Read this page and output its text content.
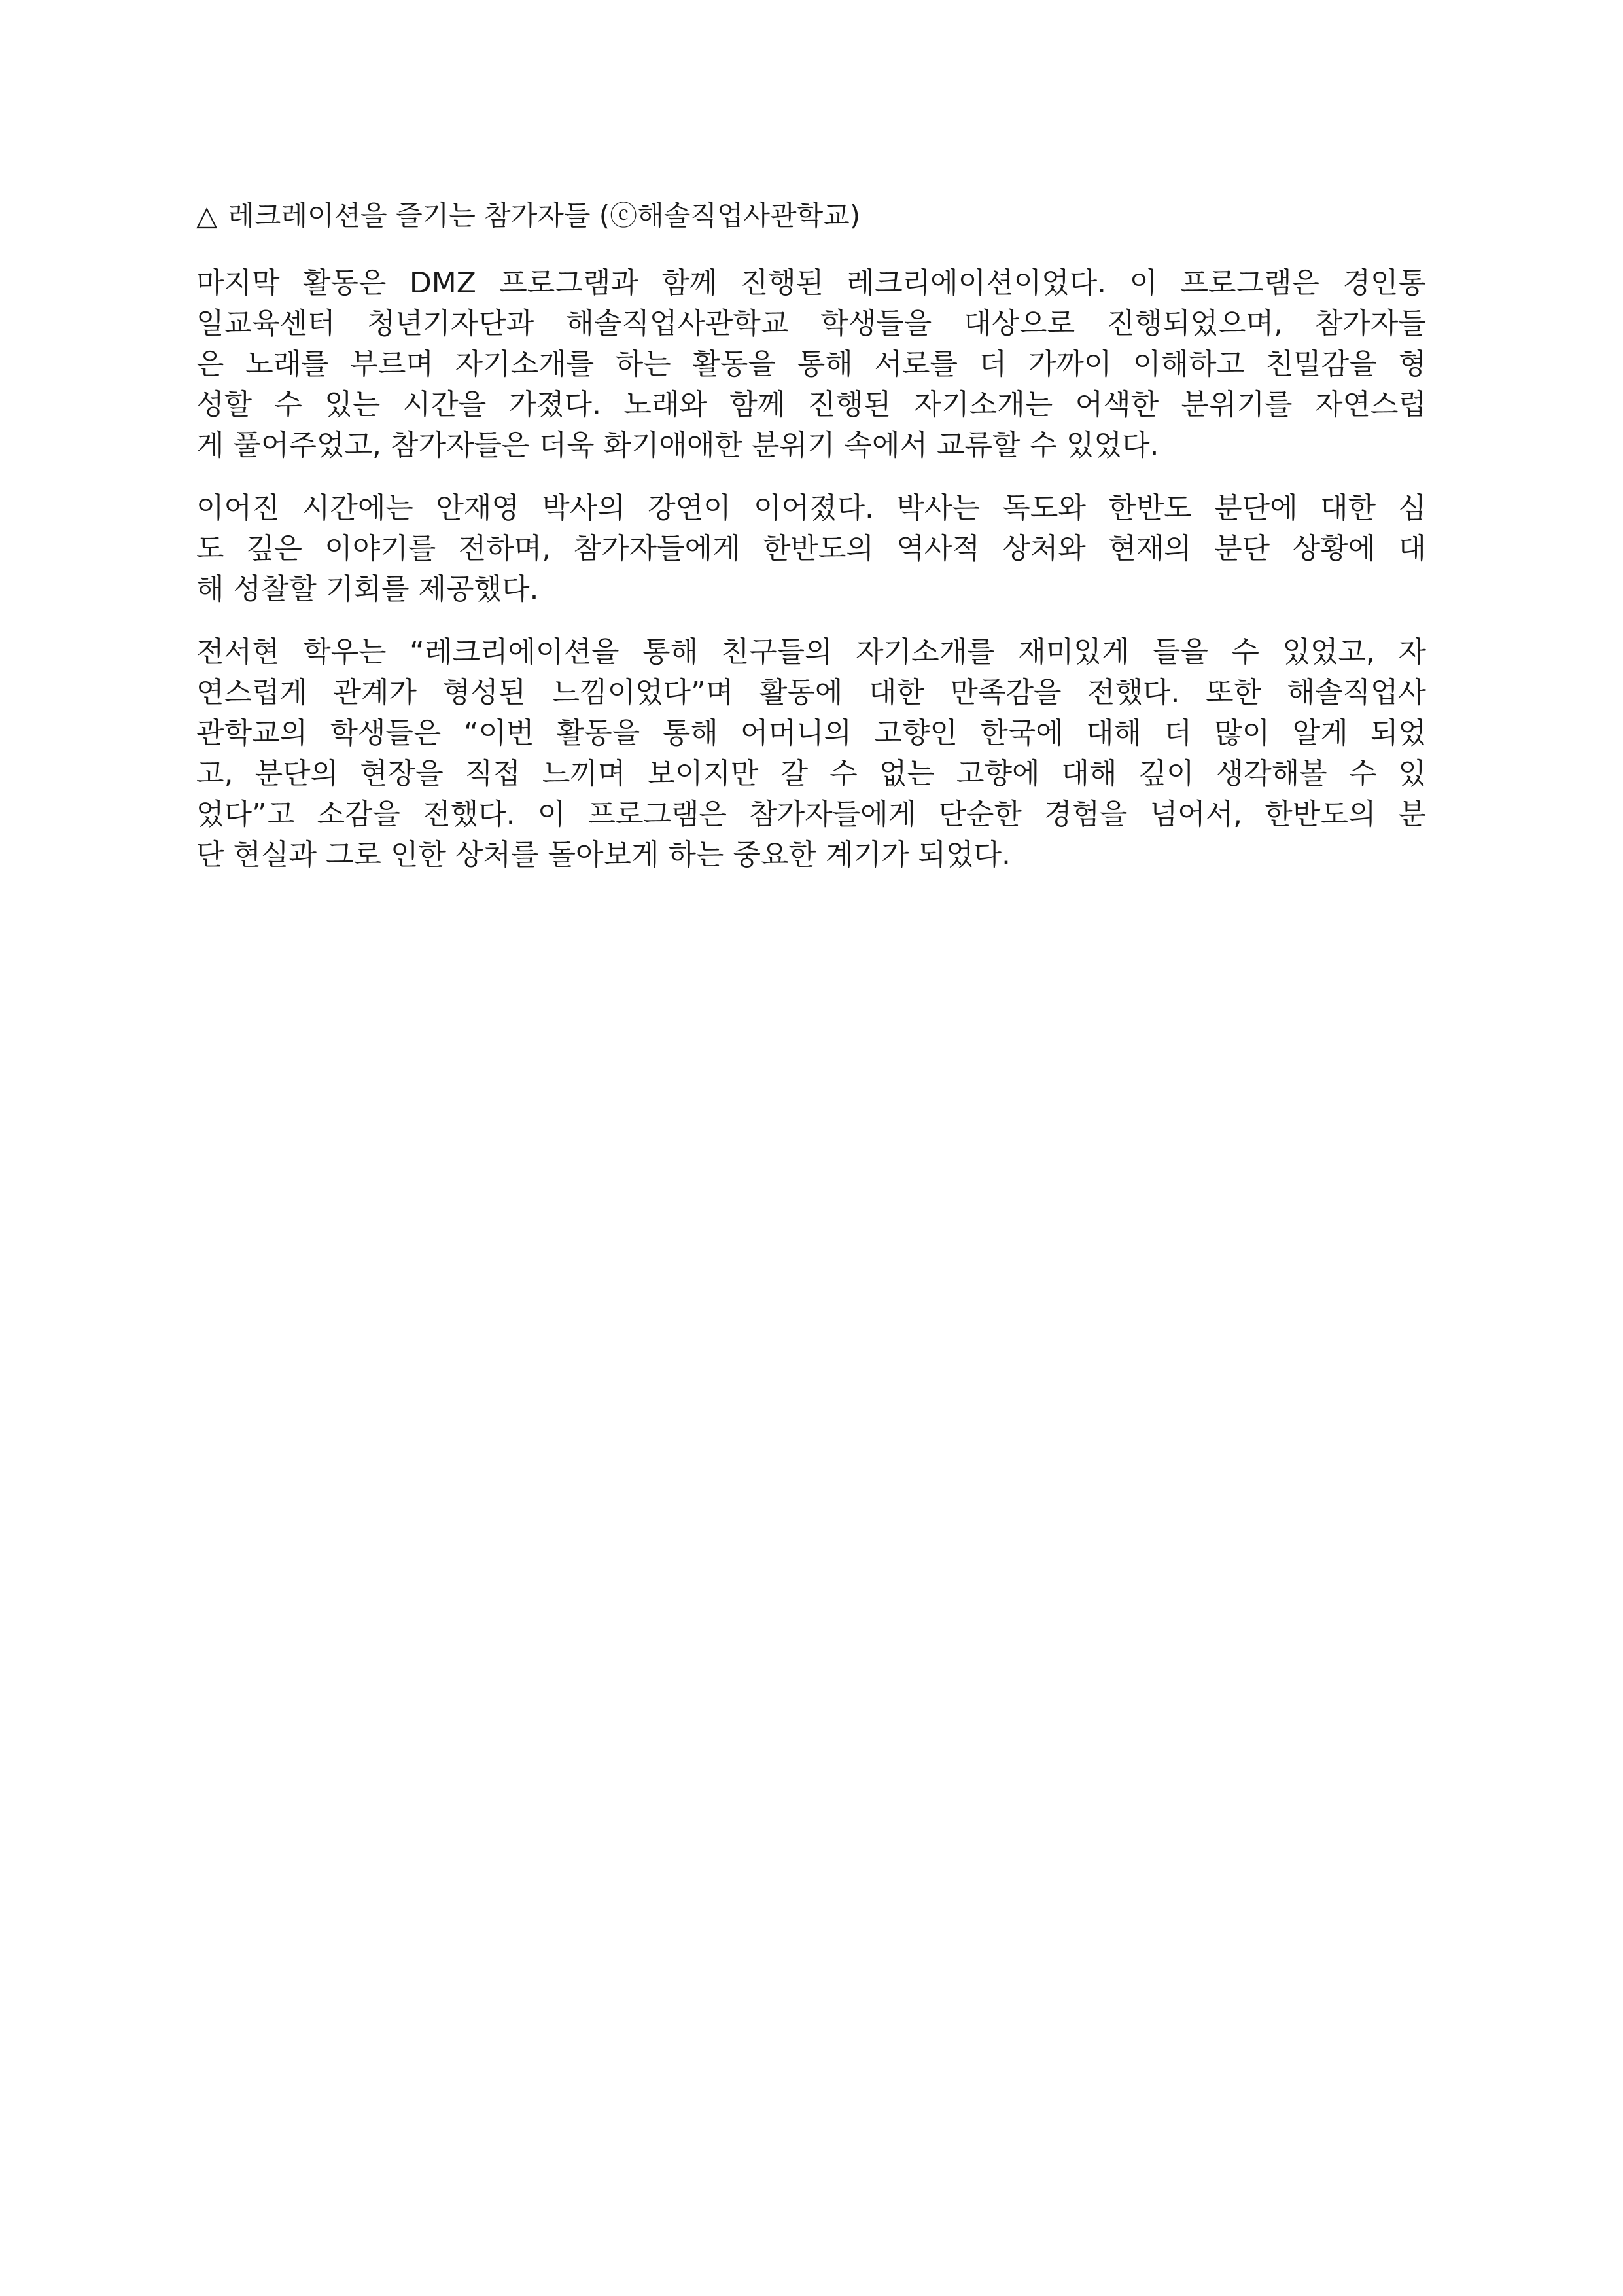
△ 레크레이션을 즐기는 참가자들 (ⓒ해솔직업사관학교)
마지막 활동은 DMZ 프로그램과 함께 진행된 레크리에이션이었다. 이 프로그램은 경인통
일교육센터 청년기자단과 해솔직업사관학교 학생들을 대상으로 진행되었으며, 참가자들
은 노래를 부르며 자기소개를 하는 활동을 통해 서로를 더 가까이 이해하고 친밀감을 형
성할 수 있는 시간을 가졌다. 노래와 함께 진행된 자기소개는 어색한 분위기를 자연스럽
게 풀어주었고, 참가자들은 더욱 화기애애한 분위기 속에서 교류할 수 있었다.
이어진 시간에는 안재영 박사의 강연이 이어졌다. 박사는 독도와 한반도 분단에 대한 심
도 깊은 이야기를 전하며, 참가자들에게 한반도의 역사적 상처와 현재의 분단 상황에 대
해 성찰할 기회를 제공했다.
전서현 학우는 “레크리에이션을 통해 친구들의 자기소개를 재미있게 들을 수 있었고, 자
연스럽게 관계가 형성된 느낌이었다”며 활동에 대한 만족감을 전했다. 또한 해솔직업사
관학교의 학생들은 “이번 활동을 통해 어머니의 고향인 한국에 대해 더 많이 알게 되었
고, 분단의 현장을 직접 느끼며 보이지만 갈 수 없는 고향에 대해 깊이 생각해볼 수 있
었다”고 소감을 전했다. 이 프로그램은 참가자들에게 단순한 경험을 넘어서, 한반도의 분
단 현실과 그로 인한 상처를 돌아보게 하는 중요한 계기가 되었다.
